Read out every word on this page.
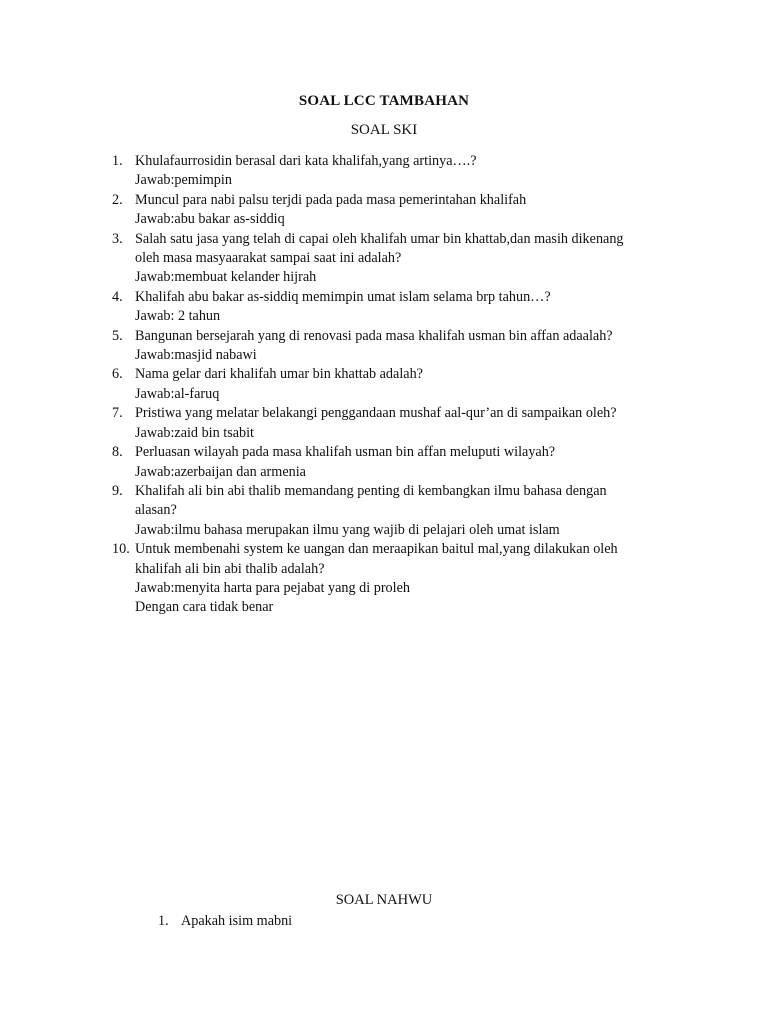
SOAL LCC TAMBAHAN
SOAL SKI
1. Khulafaurrosidin berasal dari kata khalifah,yang artinya….?
Jawab:pemimpin
2. Muncul para nabi palsu terjdi pada pada masa pemerintahan khalifah
Jawab:abu bakar as-siddiq
3. Salah satu jasa yang telah di capai oleh khalifah umar bin khattab,dan masih dikenang
oleh masa masyaarakat sampai saat ini adalah?
Jawab:membuat kelander hijrah
4. Khalifah abu bakar as-siddiq memimpin umat islam selama brp tahun…?
Jawab: 2 tahun
5. Bangunan bersejarah yang di renovasi pada masa khalifah usman bin affan adaalah?
Jawab:masjid nabawi
6. Nama gelar dari khalifah umar bin khattab adalah?
Jawab:al-faruq
7. Pristiwa yang melatar belakangi penggandaan mushaf aal-qur’an di sampaikan oleh?
Jawab:zaid bin tsabit
8. Perluasan wilayah pada masa khalifah usman bin affan meluputi wilayah?
Jawab:azerbaijan dan armenia
9. Khalifah ali bin abi thalib memandang penting di kembangkan ilmu bahasa dengan
alasan?
Jawab:ilmu bahasa merupakan ilmu yang wajib di pelajari oleh umat islam
10. Untuk membenahi system ke uangan dan meraapikan baitul mal,yang dilakukan oleh
khalifah ali bin abi thalib adalah?
Jawab:menyita harta para pejabat yang di proleh
Dengan cara tidak benar
SOAL NAHWU
1. Apakah isim mabni
